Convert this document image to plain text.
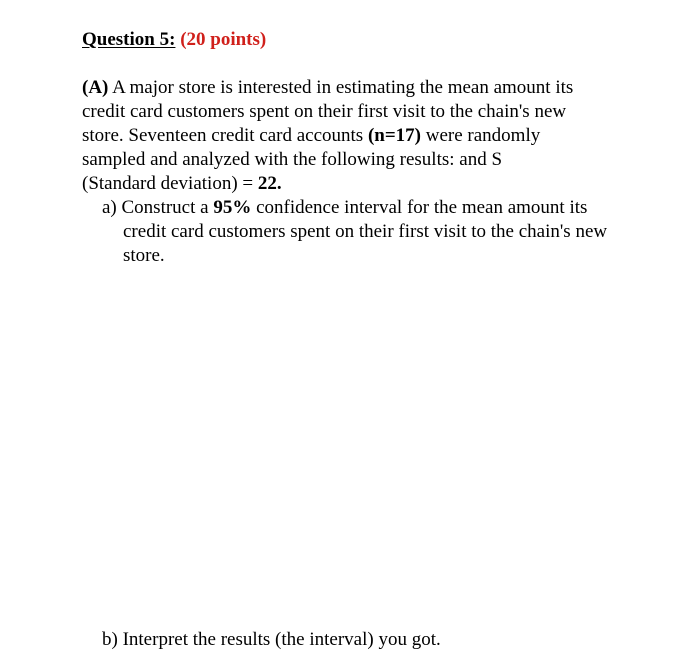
Question 5: (20 points)
(A) A major store is interested in estimating the mean amount its
credit card customers spent on their first visit to the chain's new
store. Seventeen credit card accounts (n=17) were randomly
sampled and analyzed with the following results: and S
(Standard deviation) = 22.
a) Construct a 95% confidence interval for the mean amount its
credit card customers spent on their first visit to the chain's new
store.
b) Interpret the results (the interval) you got.
